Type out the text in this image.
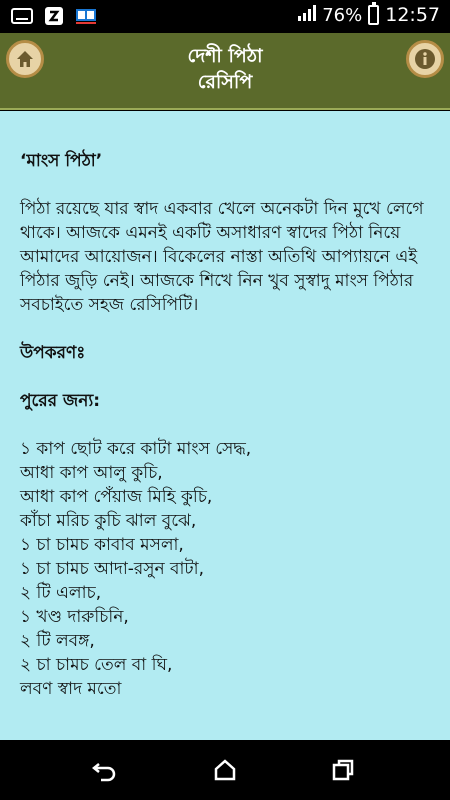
76% 12:57
দেশী পিঠা
রেসিপি
‘মাংস পিঠা’
পিঠা রয়েছে যার স্বাদ একবার খেলে অনেকটা দিন মুখে লেগে থাকে। আজকে এমনই একটি অসাধারণ স্বাদের পিঠা নিয়ে আমাদের আয়োজন। বিকেলের নাস্তা অতিথি আপ্যায়নে এই পিঠার জুড়ি নেই। আজকে শিখে নিন খুব সুস্বাদু মাংস পিঠার সবচাইতে সহজ রেসিপিটি।
উপকরণঃ
পুরের জন্য:
১ কাপ ছোট করে কাটা মাংস সেদ্ধ,
আধা কাপ আলু কুচি,
আধা কাপ পেঁয়াজ মিহি কুচি,
কাঁচা মরিচ কুচি ঝাল বুঝে,
১ চা চামচ কাবাব মসলা,
১ চা চামচ আদা-রসুন বাটা,
২ টি এলাচ,
১ খণ্ড দারুচিনি,
২ টি লবঙ্গ,
২ চা চামচ তেল বা ঘি,
লবণ স্বাদ মতো
